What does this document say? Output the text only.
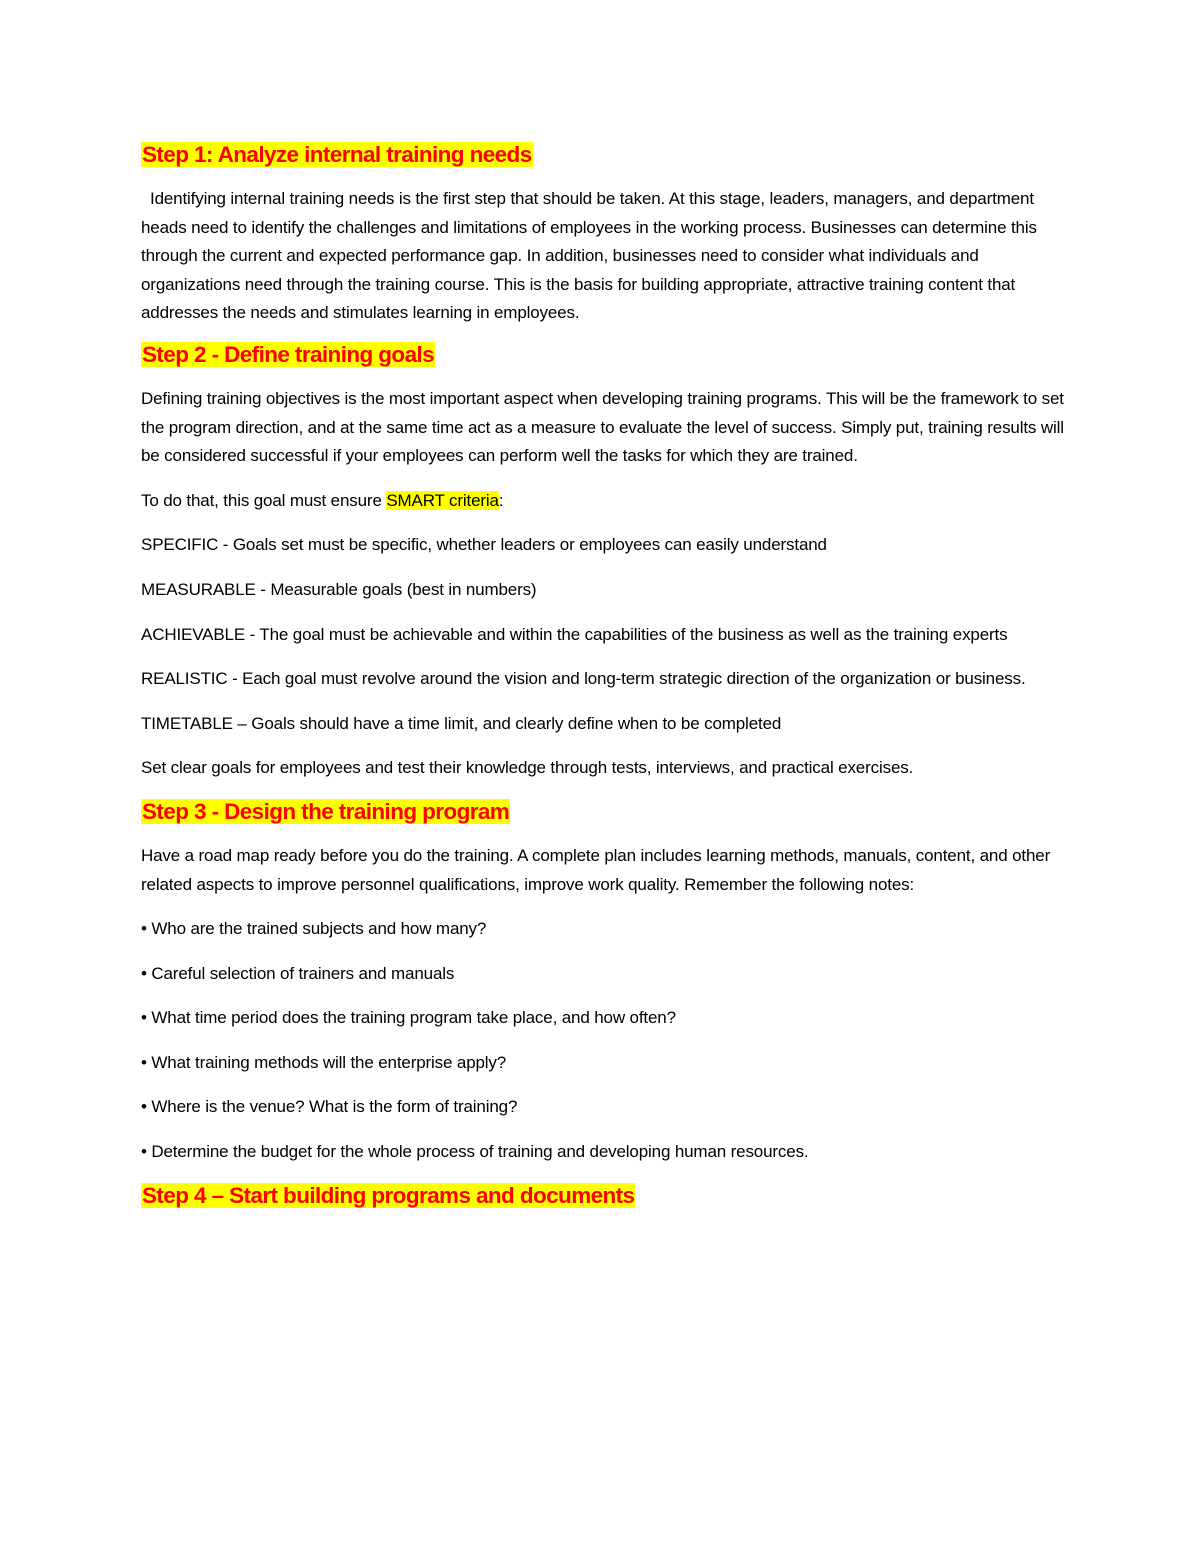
Step 1: Analyze internal training needs

Identifying internal training needs is the first step that should be taken. At this stage, leaders, managers, and department heads need to identify the challenges and limitations of employees in the working process. Businesses can determine this through the current and expected performance gap. In addition, businesses need to consider what individuals and organizations need through the training course. This is the basis for building appropriate, attractive training content that addresses the needs and stimulates learning in employees.

Step 2 - Define training goals

Defining training objectives is the most important aspect when developing training programs. This will be the framework to set the program direction, and at the same time act as a measure to evaluate the level of success. Simply put, training results will be considered successful if your employees can perform well the tasks for which they are trained.

To do that, this goal must ensure SMART criteria:

SPECIFIC - Goals set must be specific, whether leaders or employees can easily understand

MEASURABLE - Measurable goals (best in numbers)

ACHIEVABLE - The goal must be achievable and within the capabilities of the business as well as the training experts

REALISTIC - Each goal must revolve around the vision and long-term strategic direction of the organization or business.

TIMETABLE – Goals should have a time limit, and clearly define when to be completed

Set clear goals for employees and test their knowledge through tests, interviews, and practical exercises.

Step 3 - Design the training program

Have a road map ready before you do the training. A complete plan includes learning methods, manuals, content, and other related aspects to improve personnel qualifications, improve work quality. Remember the following notes:

• Who are the trained subjects and how many?

• Careful selection of trainers and manuals

• What time period does the training program take place, and how often?

• What training methods will the enterprise apply?

• Where is the venue? What is the form of training?

• Determine the budget for the whole process of training and developing human resources.

Step 4 – Start building programs and documents
